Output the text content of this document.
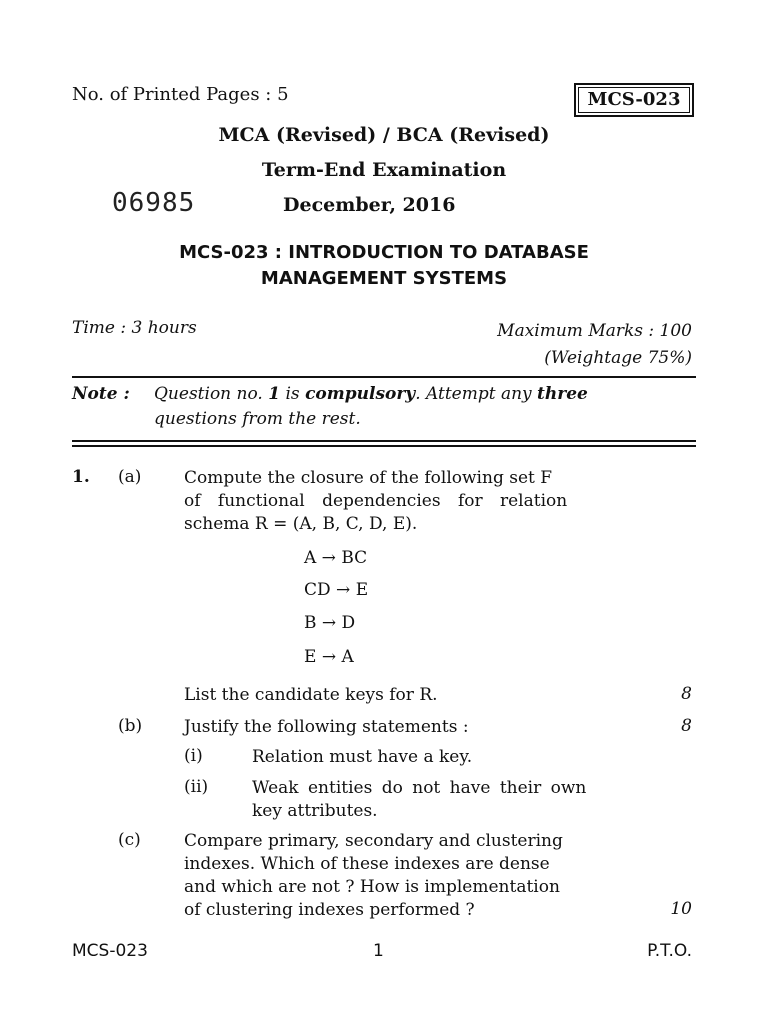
No. of Printed Pages : 5	MCS-023
MCA (Revised) / BCA (Revised)
Term-End Examination
06985	December, 2016
MCS-023 : INTRODUCTION TO DATABASE
MANAGEMENT SYSTEMS
Time : 3 hours	Maximum Marks : 100
(Weightage 75%)
Note : Question no. 1 is compulsory. Attempt any three
questions from the rest.
1. (a)	Compute the closure of the following set F
of functional dependencies for relation
schema R = (A, B, C, D, E).
A → BC
CD → E
B → D
E → A
List the candidate keys for R.	8
(b) Justify the following statements :	8
(i)	Relation must have a key.
(ii)	Weak entities do not have their own
key attributes.
(c)	Compare primary, secondary and clustering
indexes. Which of these indexes are dense
and which are not ? How is implementation
of clustering indexes performed ?	10
MCS-023	1	P.T.O.
